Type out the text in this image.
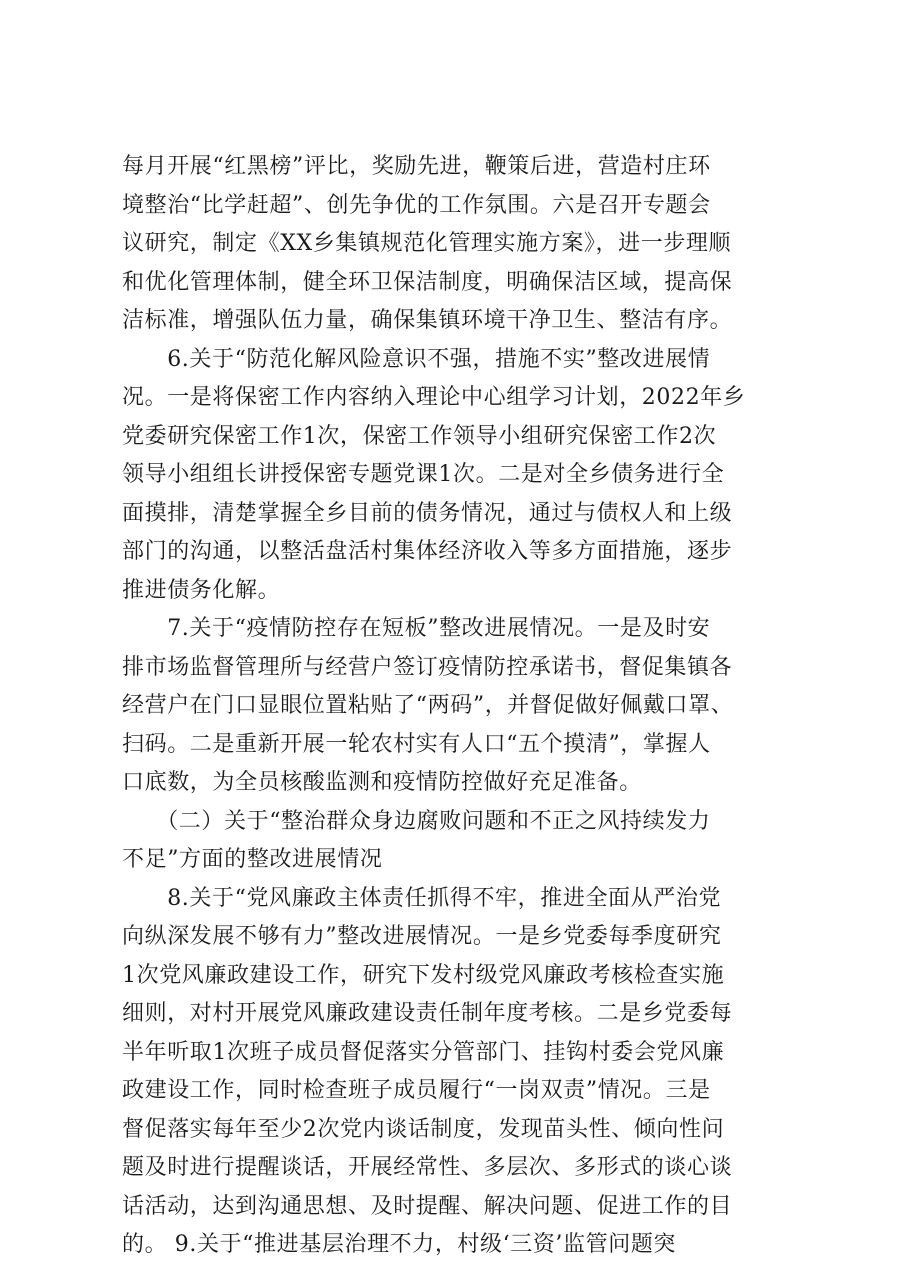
每月开展“红黑榜”评比，奖励先进，鞭策后进，营造村庄环
境整治“比学赶超”、创先争优的工作氛围。六是召开专题会
议研究，制定《XX乡集镇规范化管理实施方案》，进一步理顺
和优化管理体制，健全环卫保洁制度，明确保洁区域，提高保
洁标准，增强队伍力量，确保集镇环境干净卫生、整洁有序。
　　6.关于“防范化解风险意识不强，措施不实”整改进展情
况。一是将保密工作内容纳入理论中心组学习计划，2022年乡
党委研究保密工作1次，保密工作领导小组研究保密工作2次
领导小组组长讲授保密专题党课1次。二是对全乡债务进行全
面摸排，清楚掌握全乡目前的债务情况，通过与债权人和上级
部门的沟通，以整活盘活村集体经济收入等多方面措施，逐步
推进债务化解。
　　7.关于“疫情防控存在短板”整改进展情况。一是及时安
排市场监督管理所与经营户签订疫情防控承诺书，督促集镇各
经营户在门口显眼位置粘贴了“两码”，并督促做好佩戴口罩、
扫码。二是重新开展一轮农村实有人口“五个摸清”，掌握人
口底数，为全员核酸监测和疫情防控做好充足准备。
　　（二）关于“整治群众身边腐败问题和不正之风持续发力
不足”方面的整改进展情况
　　8.关于“党风廉政主体责任抓得不牢，推进全面从严治党
向纵深发展不够有力”整改进展情况。一是乡党委每季度研究
1次党风廉政建设工作，研究下发村级党风廉政考核检查实施
细则，对村开展党风廉政建设责任制年度考核。二是乡党委每
半年听取1次班子成员督促落实分管部门、挂钩村委会党风廉
政建设工作，同时检查班子成员履行“一岗双责”情况。三是
督促落实每年至少2次党内谈话制度，发现苗头性、倾向性问
题及时进行提醒谈话，开展经常性、多层次、多形式的谈心谈
话活动，达到沟通思想、及时提醒、解决问题、促进工作的目
的。 9.关于“推进基层治理不力，村级‘三资’监管问题突
